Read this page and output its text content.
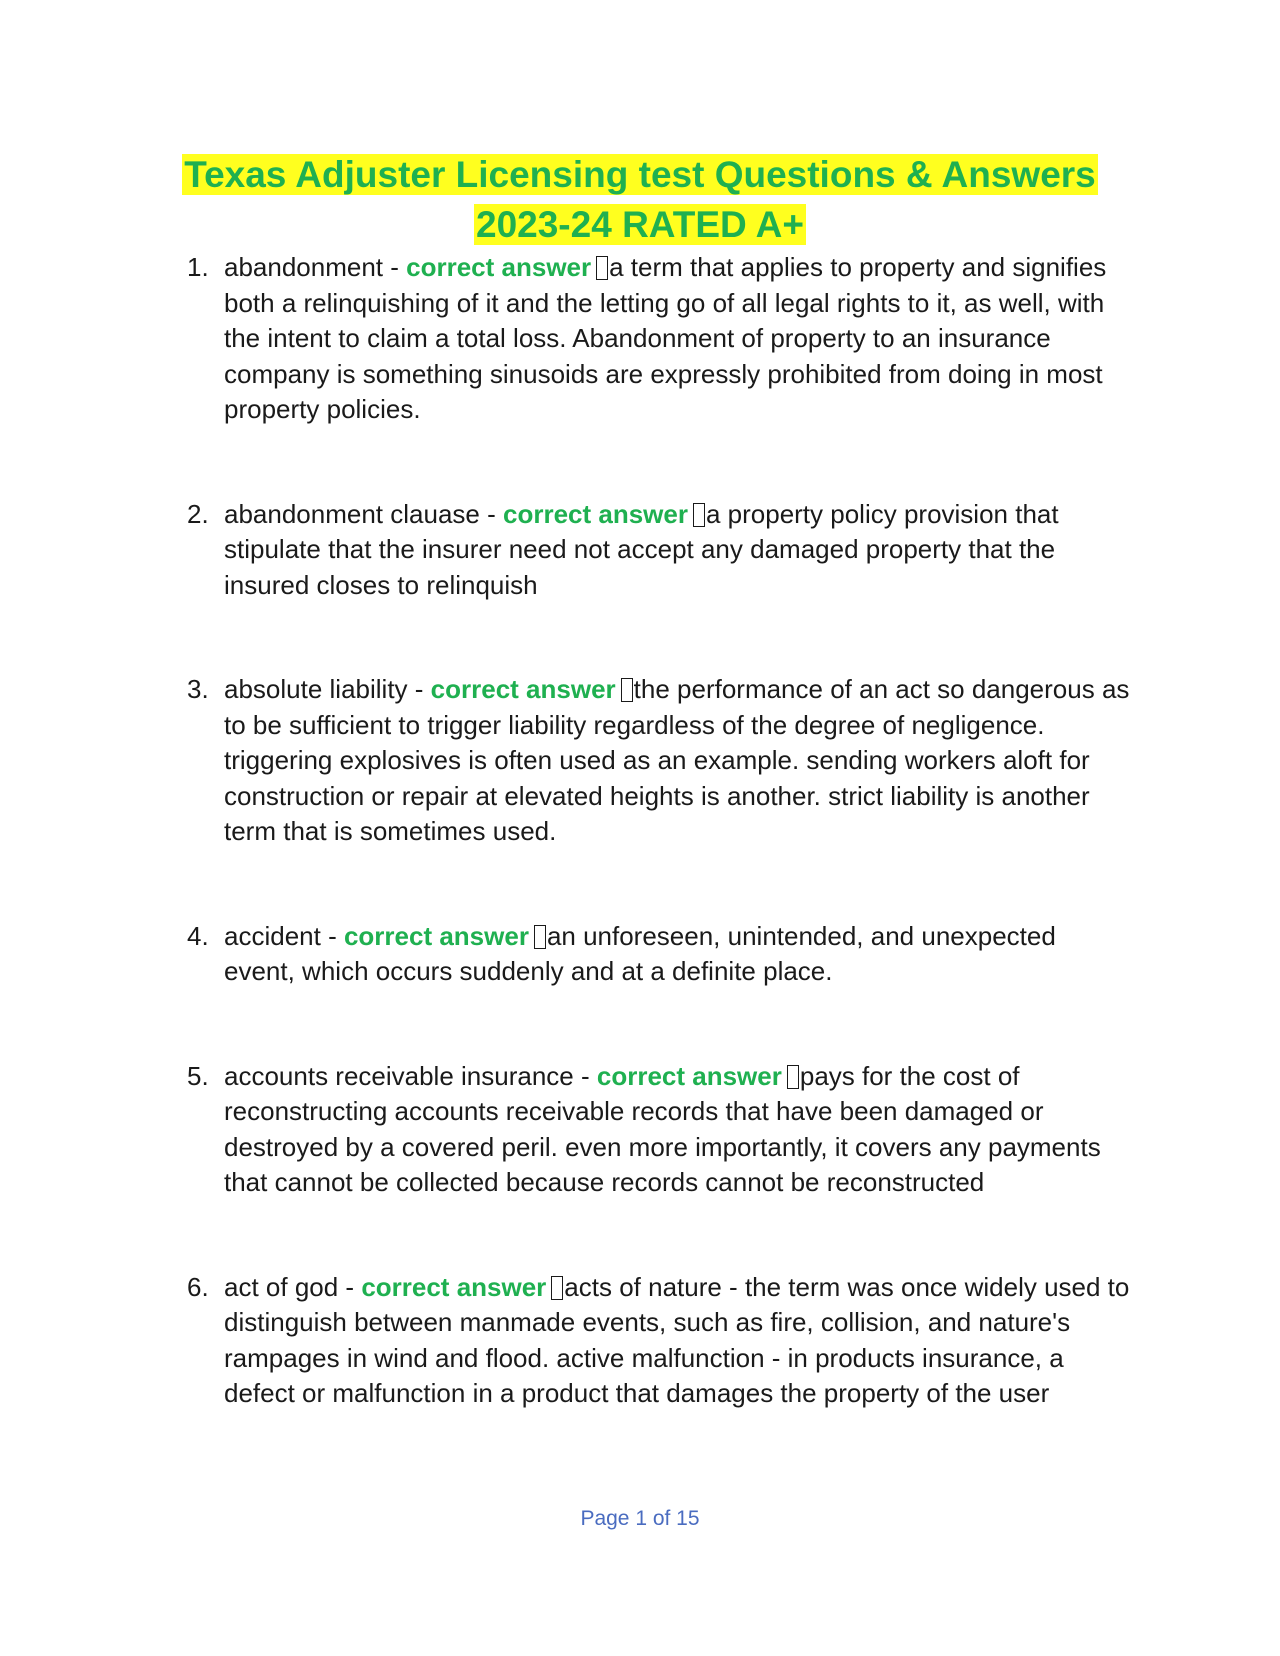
Texas Adjuster Licensing test Questions & Answers
2023-24 RATED A+
1. abandonment - correct answer a term that applies to property and signifies both a relinquishing of it and the letting go of all legal rights to it, as well, with the intent to claim a total loss. Abandonment of property to an insurance company is something sinusoids are expressly prohibited from doing in most property policies.
2. abandonment clauase - correct answer a property policy provision that stipulate that the insurer need not accept any damaged property that the insured closes to relinquish
3. absolute liability - correct answer the performance of an act so dangerous as to be sufficient to trigger liability regardless of the degree of negligence. triggering explosives is often used as an example. sending workers aloft for construction or repair at elevated heights is another. strict liability is another term that is sometimes used.
4. accident - correct answer an unforeseen, unintended, and unexpected event, which occurs suddenly and at a definite place.
5. accounts receivable insurance - correct answer pays for the cost of reconstructing accounts receivable records that have been damaged or destroyed by a covered peril. even more importantly, it covers any payments that cannot be collected because records cannot be reconstructed
6. act of god - correct answer acts of nature - the term was once widely used to distinguish between manmade events, such as fire, collision, and nature's rampages in wind and flood. active malfunction - in products insurance, a defect or malfunction in a product that damages the property of the user
Page 1 of 15
